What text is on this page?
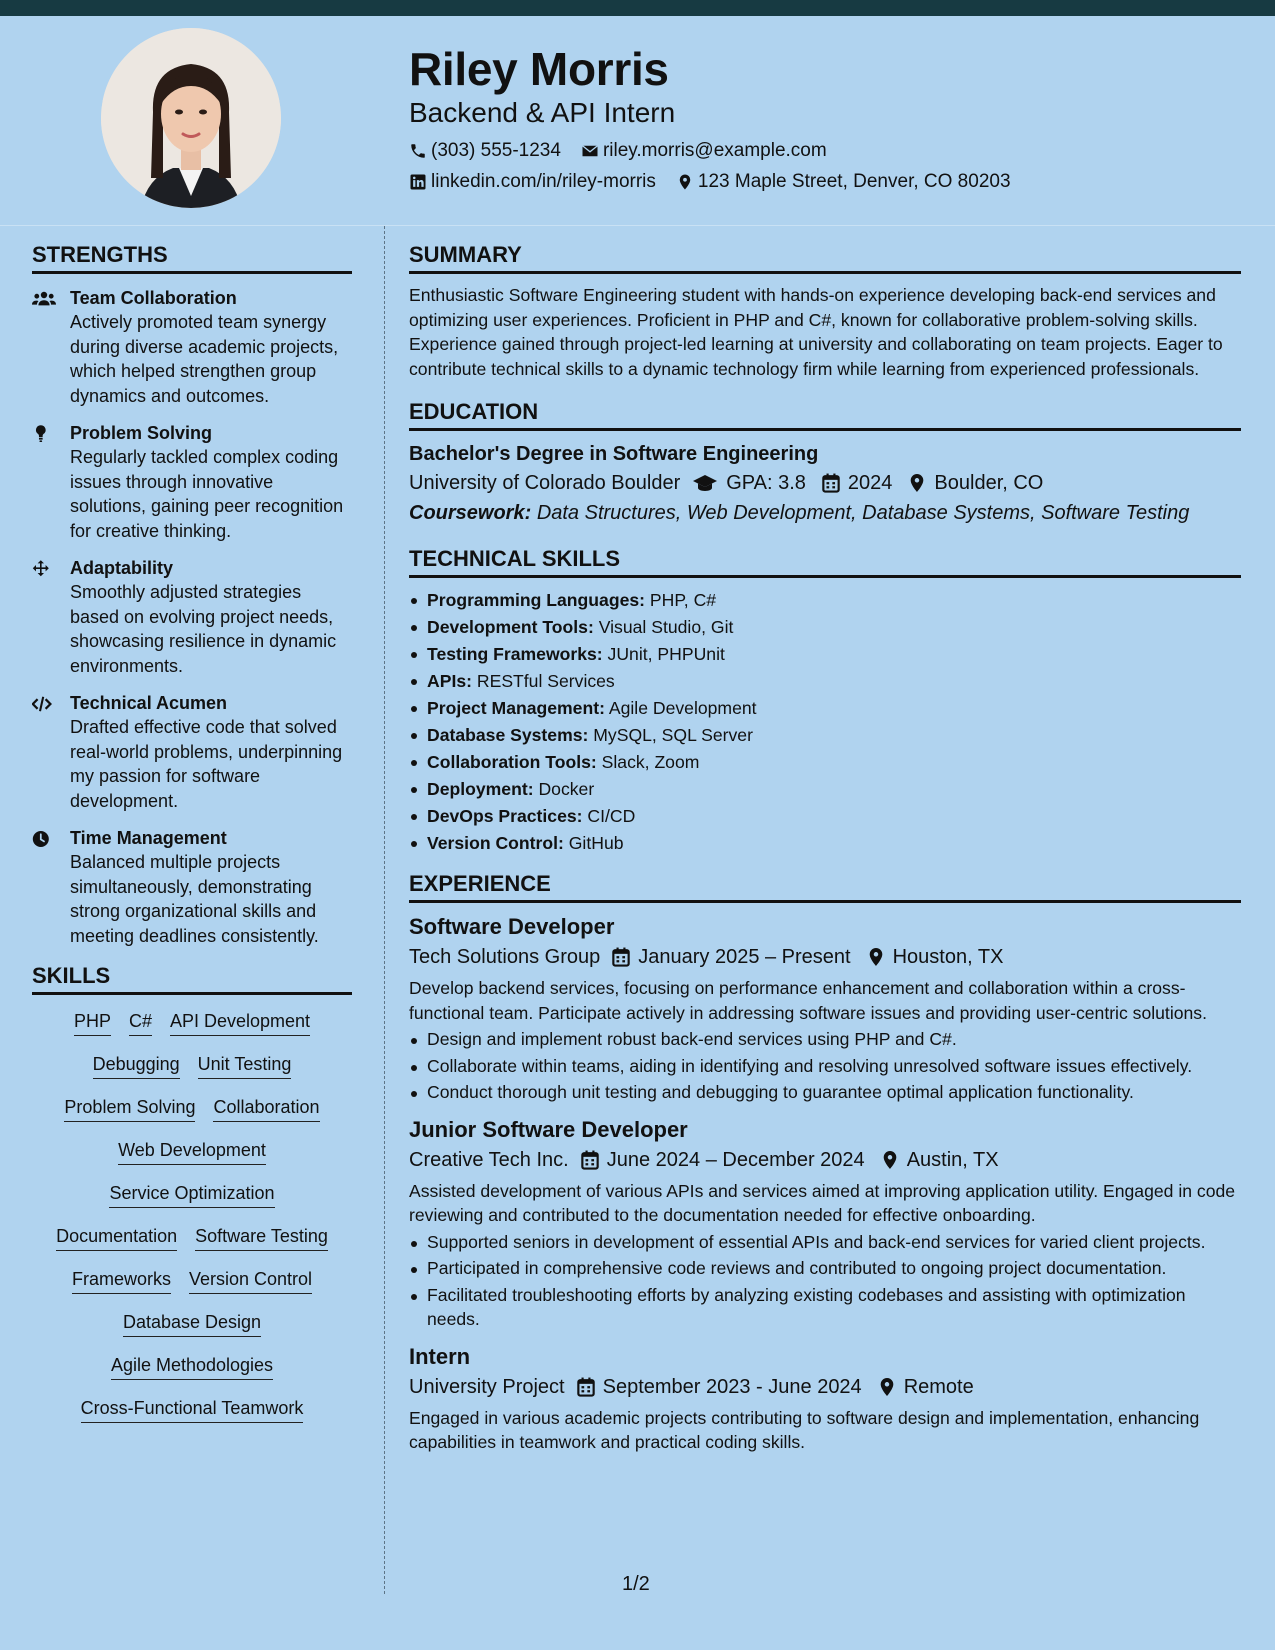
Riley Morris
Backend & API Intern
(303) 555-1234 riley.morris@example.com
linkedin.com/in/riley-morris 123 Maple Street, Denver, CO 80203
STRENGTHS
Team Collaboration
Actively promoted team synergy during diverse academic projects, which helped strengthen group dynamics and outcomes.
Problem Solving
Regularly tackled complex coding issues through innovative solutions, gaining peer recognition for creative thinking.
Adaptability
Smoothly adjusted strategies based on evolving project needs, showcasing resilience in dynamic environments.
Technical Acumen
Drafted effective code that solved real-world problems, underpinning my passion for software development.
Time Management
Balanced multiple projects simultaneously, demonstrating strong organizational skills and meeting deadlines consistently.
SKILLS
PHP C# API Development
Debugging Unit Testing
Problem Solving Collaboration
Web Development
Service Optimization
Documentation Software Testing
Frameworks Version Control
Database Design
Agile Methodologies
Cross-Functional Teamwork
SUMMARY
Enthusiastic Software Engineering student with hands-on experience developing back-end services and optimizing user experiences. Proficient in PHP and C#, known for collaborative problem-solving skills. Experience gained through project-led learning at university and collaborating on team projects. Eager to contribute technical skills to a dynamic technology firm while learning from experienced professionals.
EDUCATION
Bachelor's Degree in Software Engineering
University of Colorado Boulder GPA: 3.8 2024 Boulder, CO
Coursework: Data Structures, Web Development, Database Systems, Software Testing
TECHNICAL SKILLS
Programming Languages: PHP, C#
Development Tools: Visual Studio, Git
Testing Frameworks: JUnit, PHPUnit
APIs: RESTful Services
Project Management: Agile Development
Database Systems: MySQL, SQL Server
Collaboration Tools: Slack, Zoom
Deployment: Docker
DevOps Practices: CI/CD
Version Control: GitHub
EXPERIENCE
Software Developer
Tech Solutions Group January 2025 – Present Houston, TX
Develop backend services, focusing on performance enhancement and collaboration within a cross-functional team. Participate actively in addressing software issues and providing user-centric solutions.
Design and implement robust back-end services using PHP and C#.
Collaborate within teams, aiding in identifying and resolving unresolved software issues effectively.
Conduct thorough unit testing and debugging to guarantee optimal application functionality.
Junior Software Developer
Creative Tech Inc. June 2024 – December 2024 Austin, TX
Assisted development of various APIs and services aimed at improving application utility. Engaged in code reviewing and contributed to the documentation needed for effective onboarding.
Supported seniors in development of essential APIs and back-end services for varied client projects.
Participated in comprehensive code reviews and contributed to ongoing project documentation.
Facilitated troubleshooting efforts by analyzing existing codebases and assisting with optimization needs.
Intern
University Project September 2023 - June 2024 Remote
Engaged in various academic projects contributing to software design and implementation, enhancing capabilities in teamwork and practical coding skills.
1/2
